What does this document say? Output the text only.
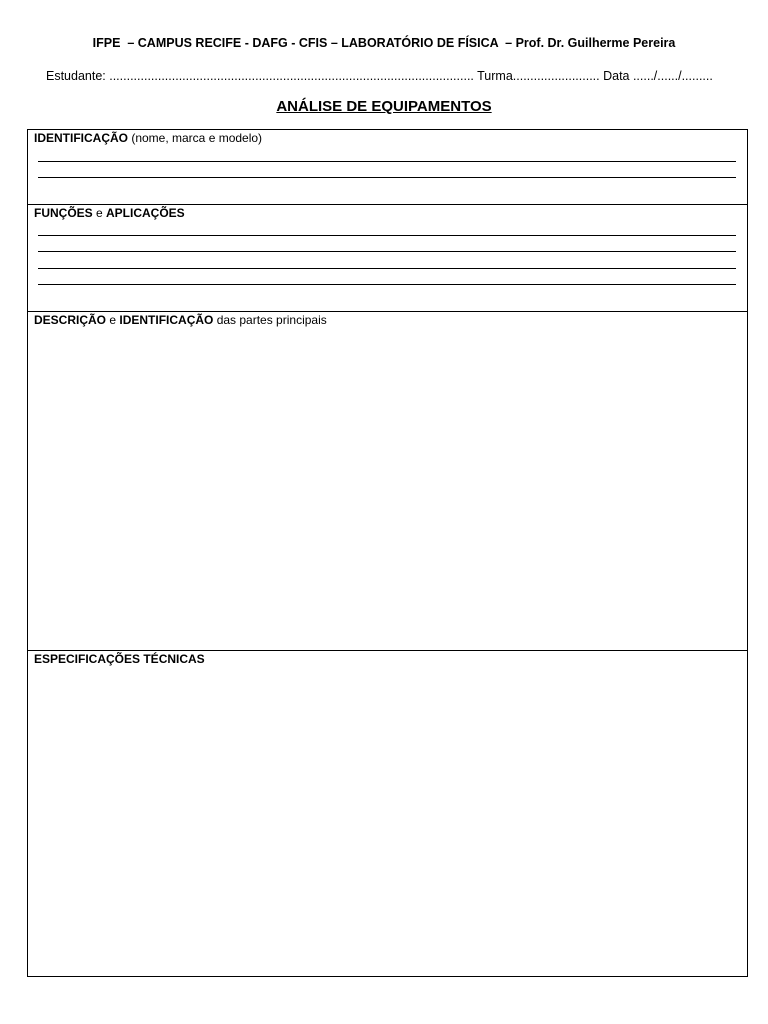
IFPE  – CAMPUS RECIFE - DAFG - CFIS – LABORATÓRIO DE FÍSICA  – Prof. Dr. Guilherme Pereira
Estudante: ......................................................................................................... Turma......................... Data ....../....../.........
ANÁLISE DE EQUIPAMENTOS
IDENTIFICAÇÃO (nome, marca e modelo)
FUNÇÕES e APLICAÇÕES
DESCRIÇÃO e IDENTIFICAÇÃO das partes principais
ESPECIFICAÇÕES TÉCNICAS
